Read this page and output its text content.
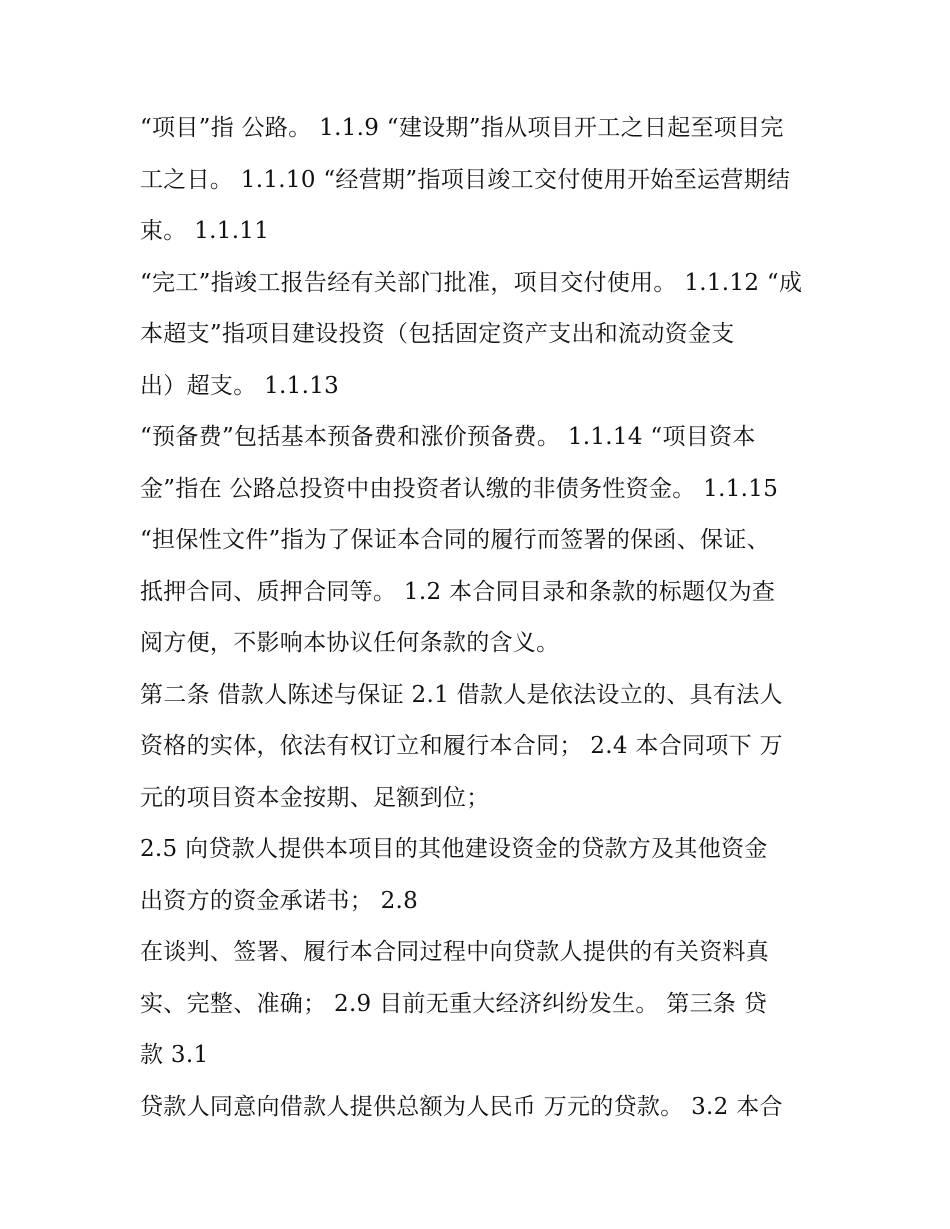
“项目”指 公路。 1.1.9 “建设期”指从项目开工之日起至项目完
工之日。 1.1.10 “经营期”指项目竣工交付使用开始至运营期结
束。 1.1.11
“完工”指竣工报告经有关部门批准，项目交付使用。 1.1.12 “成
本超支”指项目建设投资（包括固定资产支出和流动资金支
出）超支。 1.1.13
“预备费”包括基本预备费和涨价预备费。 1.1.14 “项目资本
金”指在 公路总投资中由投资者认缴的非债务性资金。 1.1.15
“担保性文件”指为了保证本合同的履行而签署的保函、保证、
抵押合同、质押合同等。 1.2 本合同目录和条款的标题仅为查
阅方便，不影响本协议任何条款的含义。
第二条 借款人陈述与保证 2.1 借款人是依法设立的、具有法人
资格的实体，依法有权订立和履行本合同； 2.4 本合同项下 万
元的项目资本金按期、足额到位；
2.5 向贷款人提供本项目的其他建设资金的贷款方及其他资金
出资方的资金承诺书； 2.8
在谈判、签署、履行本合同过程中向贷款人提供的有关资料真
实、完整、准确； 2.9 目前无重大经济纠纷发生。 第三条 贷
款 3.1
贷款人同意向借款人提供总额为人民币 万元的贷款。 3.2 本合
